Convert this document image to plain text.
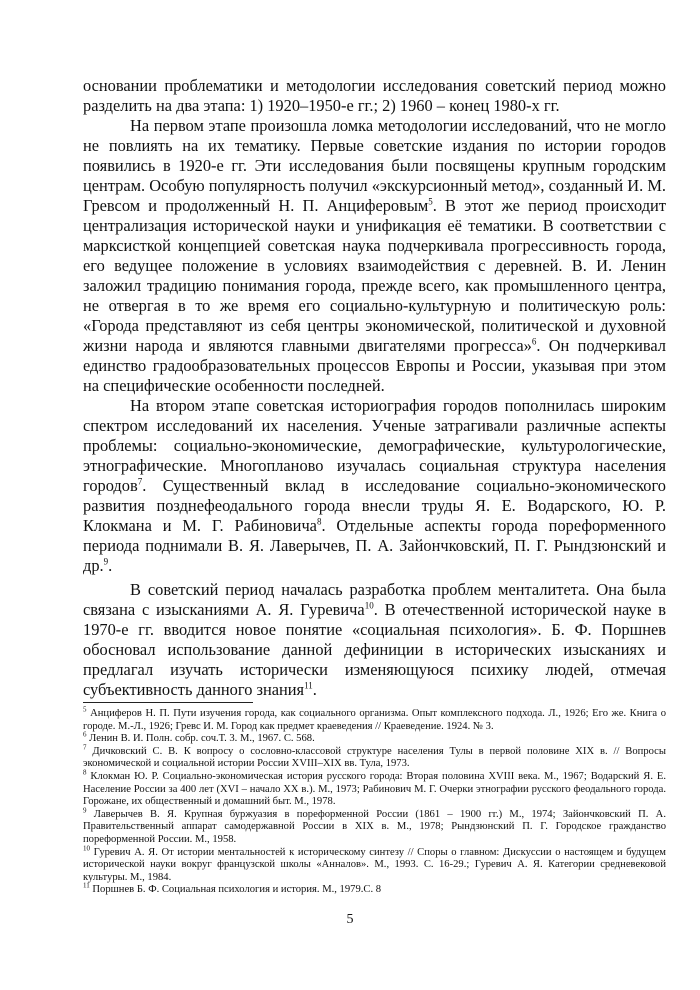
основании проблематики и методологии исследования советский период можно разделить на два этапа: 1) 1920–1950-е гг.; 2) 1960 – конец 1980-х гг.

На первом этапе произошла ломка методологии исследований, что не могло не повлиять на их тематику. Первые советские издания по истории городов появились в 1920-е гг. Эти исследования были посвящены крупным городским центрам. Особую популярность получил «экскурсионный метод», созданный И. М. Гревсом и продолженный Н. П. Анциферовым$^5$. В этот же период происходит централизация исторической науки и унификация её тематики. В соответствии с марксисткой концепцией советская наука подчеркивала прогрессивность города, его ведущее положение в условиях взаимодействия с деревней. В. И. Ленин заложил традицию понимания города, прежде всего, как промышленного центра, не отвергая в то же время его социально-культурную и политическую роль: «Города представляют из себя центры экономической, политической и духовной жизни народа и являются главными двигателями прогресса»$^6$. Он подчеркивал единство градообразовательных процессов Европы и России, указывая при этом на специфические особенности последней.

На втором этапе советская историография городов пополнилась широким спектром исследований их населения. Ученые затрагивали различные аспекты проблемы: социально-экономические, демографические, культурологические, этнографические. Многопланово изучалась социальная структура населения городов$^7$. Существенный вклад в исследование социально-экономического развития позднефеодального города внесли труды Я. Е. Водарского, Ю. Р. Клокмана и М. Г. Рабиновича$^8$. Отдельные аспекты города пореформенного периода поднимали В. Я. Лаверычев, П. А. Зайончковский, П. Г. Рындзюнский и др.$^9$.

В советский период началась разработка проблем менталитета. Она была связана с изысканиями А. Я. Гуревича$^{10}$. В отечественной исторической науке в 1970-е гг. вводится новое понятие «социальная психология». Б. Ф. Поршнев обосновал использование данной дефиниции в исторических изысканиях и предлагал изучать исторически изменяющуюся психику людей, отмечая субъективность данного знания$^{11}$.

$^5$ Анциферов Н. П. Пути изучения города, как социального организма. Опыт комплексного подхода. Л., 1926; Его же. Книга о городе. М.-Л., 1926; Гревс И. М. Город как предмет краеведения // Краеведение. 1924. № 3.

$^6$ Ленин В. И. Полн. собр. соч.Т. 3. М., 1967. С. 568.

$^7$ Дичковский С. В. К вопросу о сословно-классовой структуре населения Тулы в первой половине XIX в. // Вопросы экономической и социальной истории России XVIII–XIX вв. Тула, 1973.

$^8$ Клокман Ю. Р. Социально-экономическая история русского города: Вторая половина XVIII века. М., 1967; Водарский Я. Е. Население России за 400 лет (XVI – начало XX в.). М., 1973; Рабинович М. Г. Очерки этнографии русского феодального города. Горожане, их общественный и домашний быт. М., 1978.

$^9$ Лаверычев В. Я. Крупная буржуазия в пореформенной России (1861 – 1900 гг.) М., 1974; Зайончковский П. А. Правительственный аппарат самодержавной России в XIX в. М., 1978; Рындзюнский П. Г. Городское гражданство пореформенной России. М., 1958.

$^{10}$ Гуревич А. Я. От истории ментальностей к историческому синтезу // Споры о главном: Дискуссии о настоящем и будущем исторической науки вокруг французской школы «Анналов». М., 1993. С. 16-29.; Гуревич А. Я. Категории средневековой культуры. М., 1984.

$^{11}$ Поршнев Б. Ф. Социальная психология и история. М., 1979.С. 8

5
